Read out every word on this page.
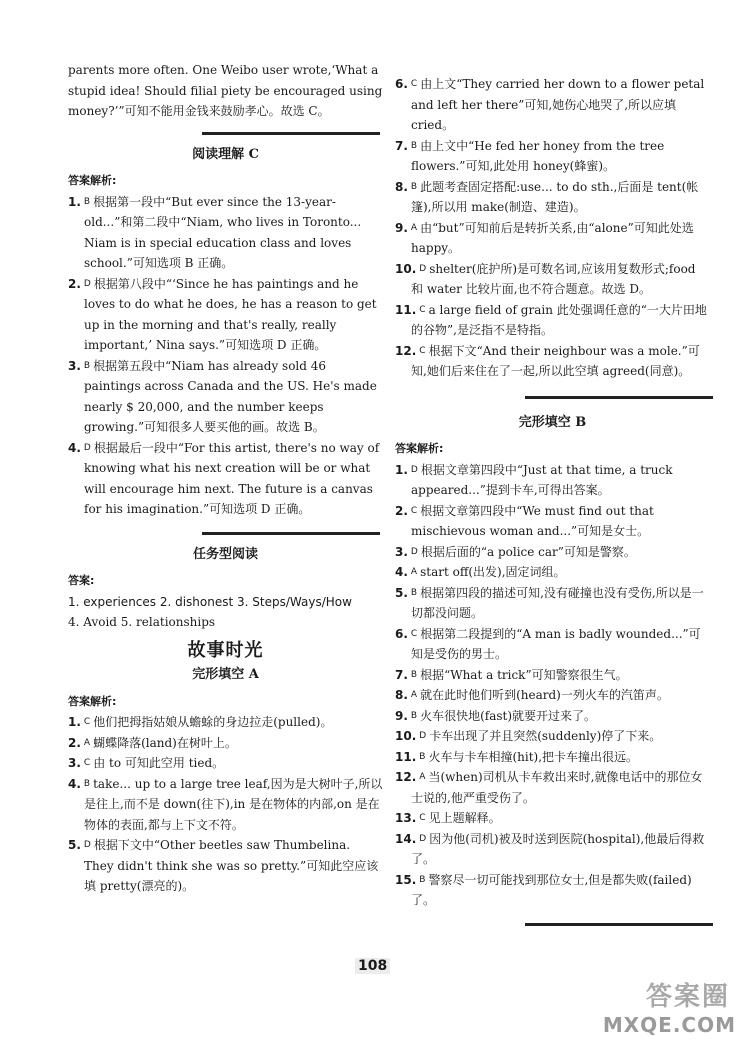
parents more often. One Weibo user wrote,‘What a stupid idea! Should filial piety be encouraged using money?’”可知不能用金钱来鼓励孝心。故选 C。

阅读理解 C
答案解析:
1. B 根据第一段中“But ever since the 13-year-old...”和第二段中“Niam, who lives in Toronto... Niam is in special education class and loves school.”可知选项 B 正确。
2. D 根据第八段中“‘Since he has paintings and he loves to do what he does, he has a reason to get up in the morning and that's really, really important,’ Nina says.”可知选项 D 正确。
3. B 根据第五段中“Niam has already sold 46 paintings across Canada and the US. He's made nearly $ 20,000, and the number keeps growing.”可知很多人要买他的画。故选 B。
4. D 根据最后一段中“For this artist, there's no way of knowing what his next creation will be or what will encourage him next. The future is a canvas for his imagination.”可知选项 D 正确。
任务型阅读
答案:
1. experiences 2. dishonest 3. Steps/Ways/How
4. Avoid 5. relationships
故事时光
完形填空 A
答案解析:
1. C 他们把拇指姑娘从蟾蜍的身边拉走(pulled)。
2. A 蝴蝶降落(land)在树叶上。
3. C 由 to 可知此空用 tied。
4. B take... up to a large tree leaf,因为是大树叶子,所以是往上,而不是 down(往下),in 是在物体的内部,on 是在物体的表面,都与上下文不符。
5. D 根据下文中“Other beetles saw Thumbelina. They didn't think she was so pretty.”可知此空应该填 pretty(漂亮的)。
6. C 由上文“They carried her down to a flower petal and left her there”可知,她伤心地哭了,所以应填 cried。
7. B 由上文中“He fed her honey from the tree flowers.”可知,此处用 honey(蜂蜜)。
8. B 此题考查固定搭配:use... to do sth.,后面是 tent(帐篷),所以用 make(制造、建造)。
9. A 由“but”可知前后是转折关系,由“alone”可知此处选 happy。
10. D shelter(庇护所)是可数名词,应该用复数形式;food 和 water 比较片面,也不符合题意。故选 D。
11. C a large field of grain 此处强调任意的“一大片田地的谷物”,是泛指不是特指。
12. C 根据下文“And their neighbour was a mole.”可知,她们后来住在了一起,所以此空填 agreed(同意)。
完形填空 B
答案解析:
1. D 根据文章第四段中“Just at that time, a truck appeared...”提到卡车,可得出答案。
2. C 根据文章第四段中“We must find out that mischievous woman and...”可知是女士。
3. D 根据后面的“a police car”可知是警察。
4. A start off(出发),固定词组。
5. B 根据第四段的描述可知,没有碰撞也没有受伤,所以是一切都没问题。
6. C 根据第二段提到的“A man is badly wounded...”可知是受伤的男士。
7. B 根据“What a trick”可知警察很生气。
8. A 就在此时他们听到(heard)一列火车的汽笛声。
9. B 火车很快地(fast)就要开过来了。
10. D 卡车出现了并且突然(suddenly)停了下来。
11. B 火车与卡车相撞(hit),把卡车撞出很远。
12. A 当(when)司机从卡车救出来时,就像电话中的那位女士说的,他严重受伤了。
13. C 见上题解释。
14. D 因为他(司机)被及时送到医院(hospital),他最后得救了。
15. B 警察尽一切可能找到那位女士,但是都失败(failed)了。
108
答案圈
MXQE.COM
